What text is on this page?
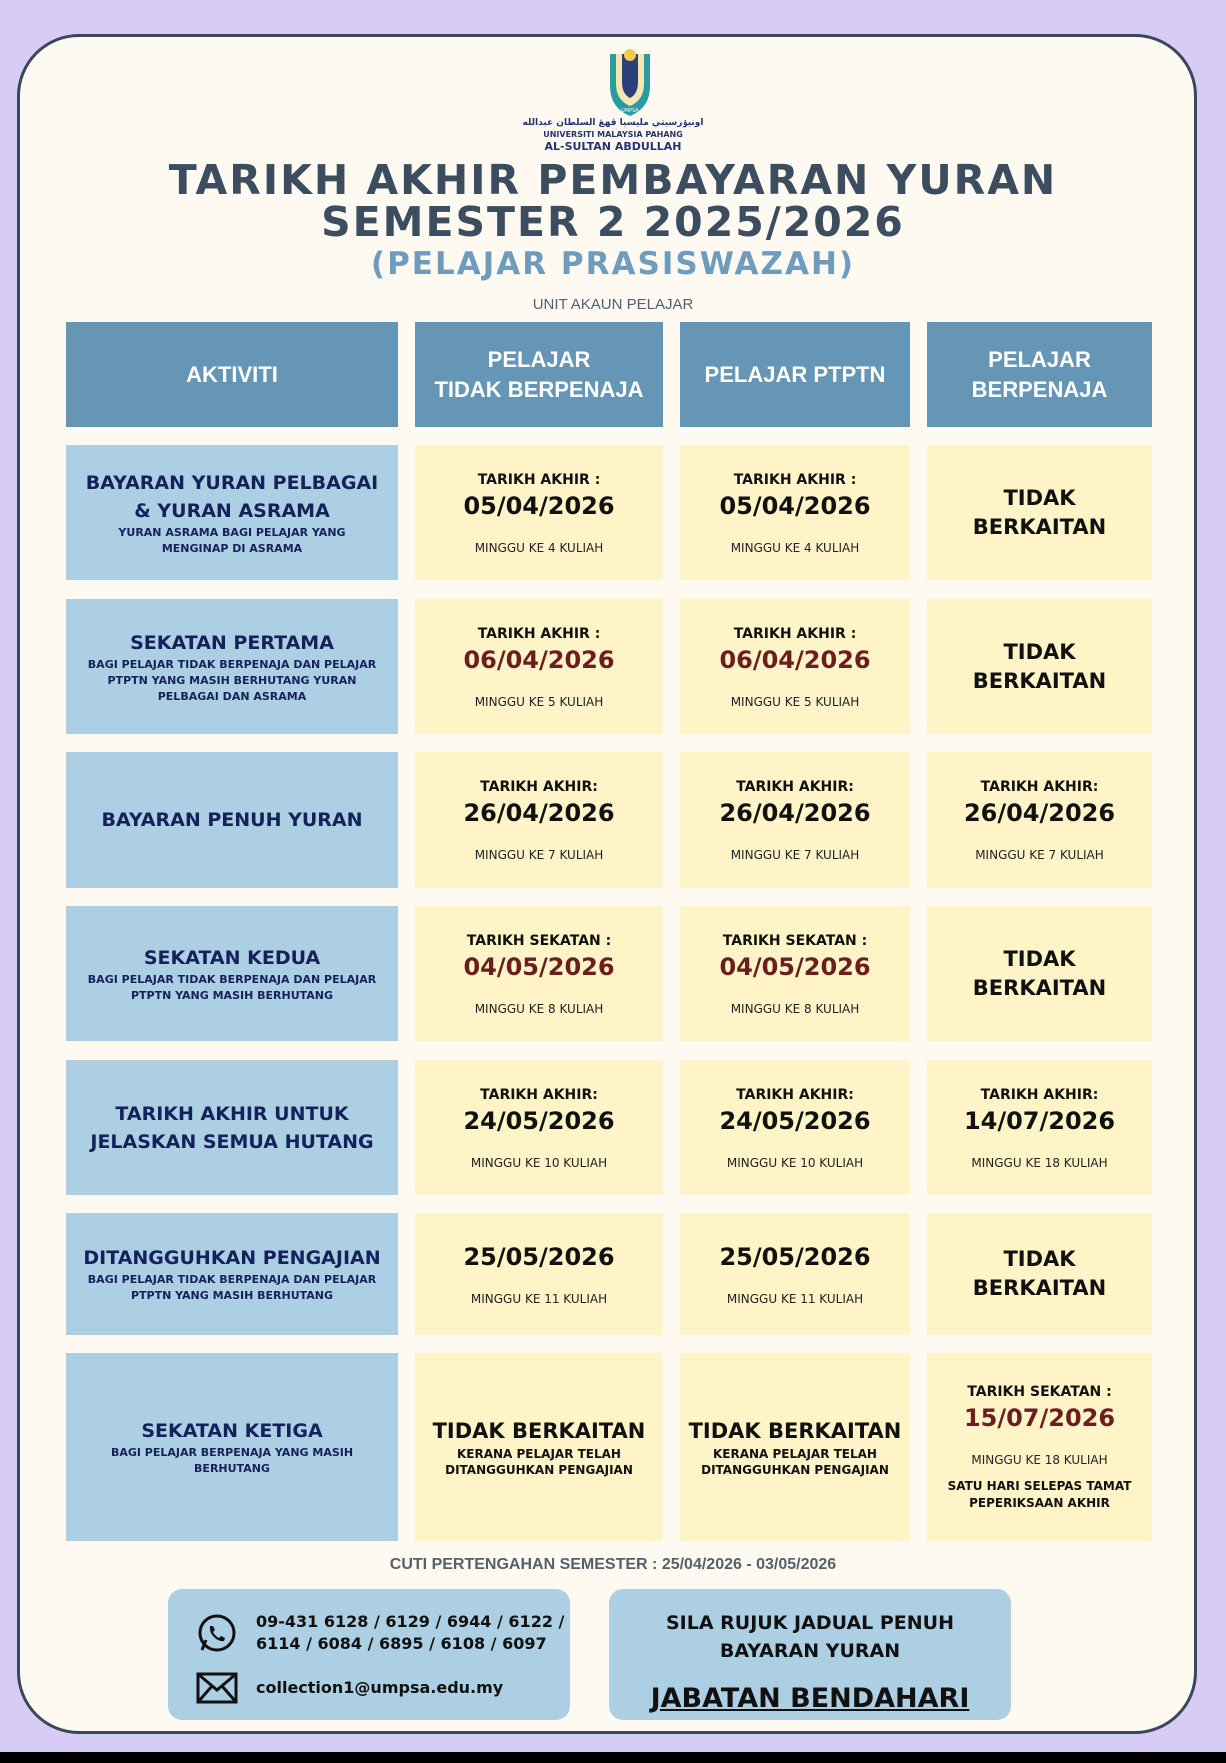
UMPSA
اونيۏرسيتي مليسيا ڤهڠ السلطان عبدالله
UNIVERSITI MALAYSIA PAHANG
AL-SULTAN ABDULLAH
TARIKH AKHIR PEMBAYARAN YURAN
SEMESTER 2 2025/2026
(PELAJAR PRASISWAZAH)
UNIT AKAUN PELAJAR
AKTIVITI
PELAJAR
TIDAK BERPENAJA
PELAJAR PTPTN
PELAJAR
BERPENAJA
BAYARAN YURAN PELBAGAI
& YURAN ASRAMA
YURAN ASRAMA BAGI PELAJAR YANG MENGINAP DI ASRAMA
TARIKH AKHIR :
05/04/2026
MINGGU KE 4 KULIAH
TARIKH AKHIR :
05/04/2026
MINGGU KE 4 KULIAH
TIDAK
BERKAITAN
SEKATAN PERTAMA
BAGI PELAJAR TIDAK BERPENAJA DAN PELAJAR PTPTN YANG MASIH BERHUTANG YURAN PELBAGAI DAN ASRAMA
TARIKH AKHIR :
06/04/2026
MINGGU KE 5 KULIAH
TARIKH AKHIR :
06/04/2026
MINGGU KE 5 KULIAH
TIDAK
BERKAITAN
BAYARAN PENUH YURAN
TARIKH AKHIR:
26/04/2026
MINGGU KE 7 KULIAH
TARIKH AKHIR:
26/04/2026
MINGGU KE 7 KULIAH
TARIKH AKHIR:
26/04/2026
MINGGU KE 7 KULIAH
SEKATAN KEDUA
BAGI PELAJAR TIDAK BERPENAJA DAN PELAJAR PTPTN YANG MASIH BERHUTANG
TARIKH SEKATAN :
04/05/2026
MINGGU KE 8 KULIAH
TARIKH SEKATAN :
04/05/2026
MINGGU KE 8 KULIAH
TIDAK
BERKAITAN
TARIKH AKHIR UNTUK
JELASKAN SEMUA HUTANG
TARIKH AKHIR:
24/05/2026
MINGGU KE 10 KULIAH
TARIKH AKHIR:
24/05/2026
MINGGU KE 10 KULIAH
TARIKH AKHIR:
14/07/2026
MINGGU KE 18 KULIAH
DITANGGUHKAN PENGAJIAN
BAGI PELAJAR TIDAK BERPENAJA DAN PELAJAR PTPTN YANG MASIH BERHUTANG
25/05/2026
MINGGU KE 11 KULIAH
25/05/2026
MINGGU KE 11 KULIAH
TIDAK
BERKAITAN
SEKATAN KETIGA
BAGI PELAJAR BERPENAJA YANG MASIH BERHUTANG
TIDAK BERKAITAN
KERANA PELAJAR TELAH
DITANGGUHKAN PENGAJIAN
TIDAK BERKAITAN
KERANA PELAJAR TELAH
DITANGGUHKAN PENGAJIAN
TARIKH SEKATAN :
15/07/2026
MINGGU KE 18 KULIAH
SATU HARI SELEPAS TAMAT
PEPERIKSAAN AKHIR
CUTI PERTENGAHAN SEMESTER : 25/04/2026 - 03/05/2026
09-431 6128 / 6129 / 6944 / 6122 /
6114 / 6084 / 6895 / 6108 / 6097
collection1@umpsa.edu.my
SILA RUJUK JADUAL PENUH
BAYARAN YURAN
JABATAN BENDAHARI
